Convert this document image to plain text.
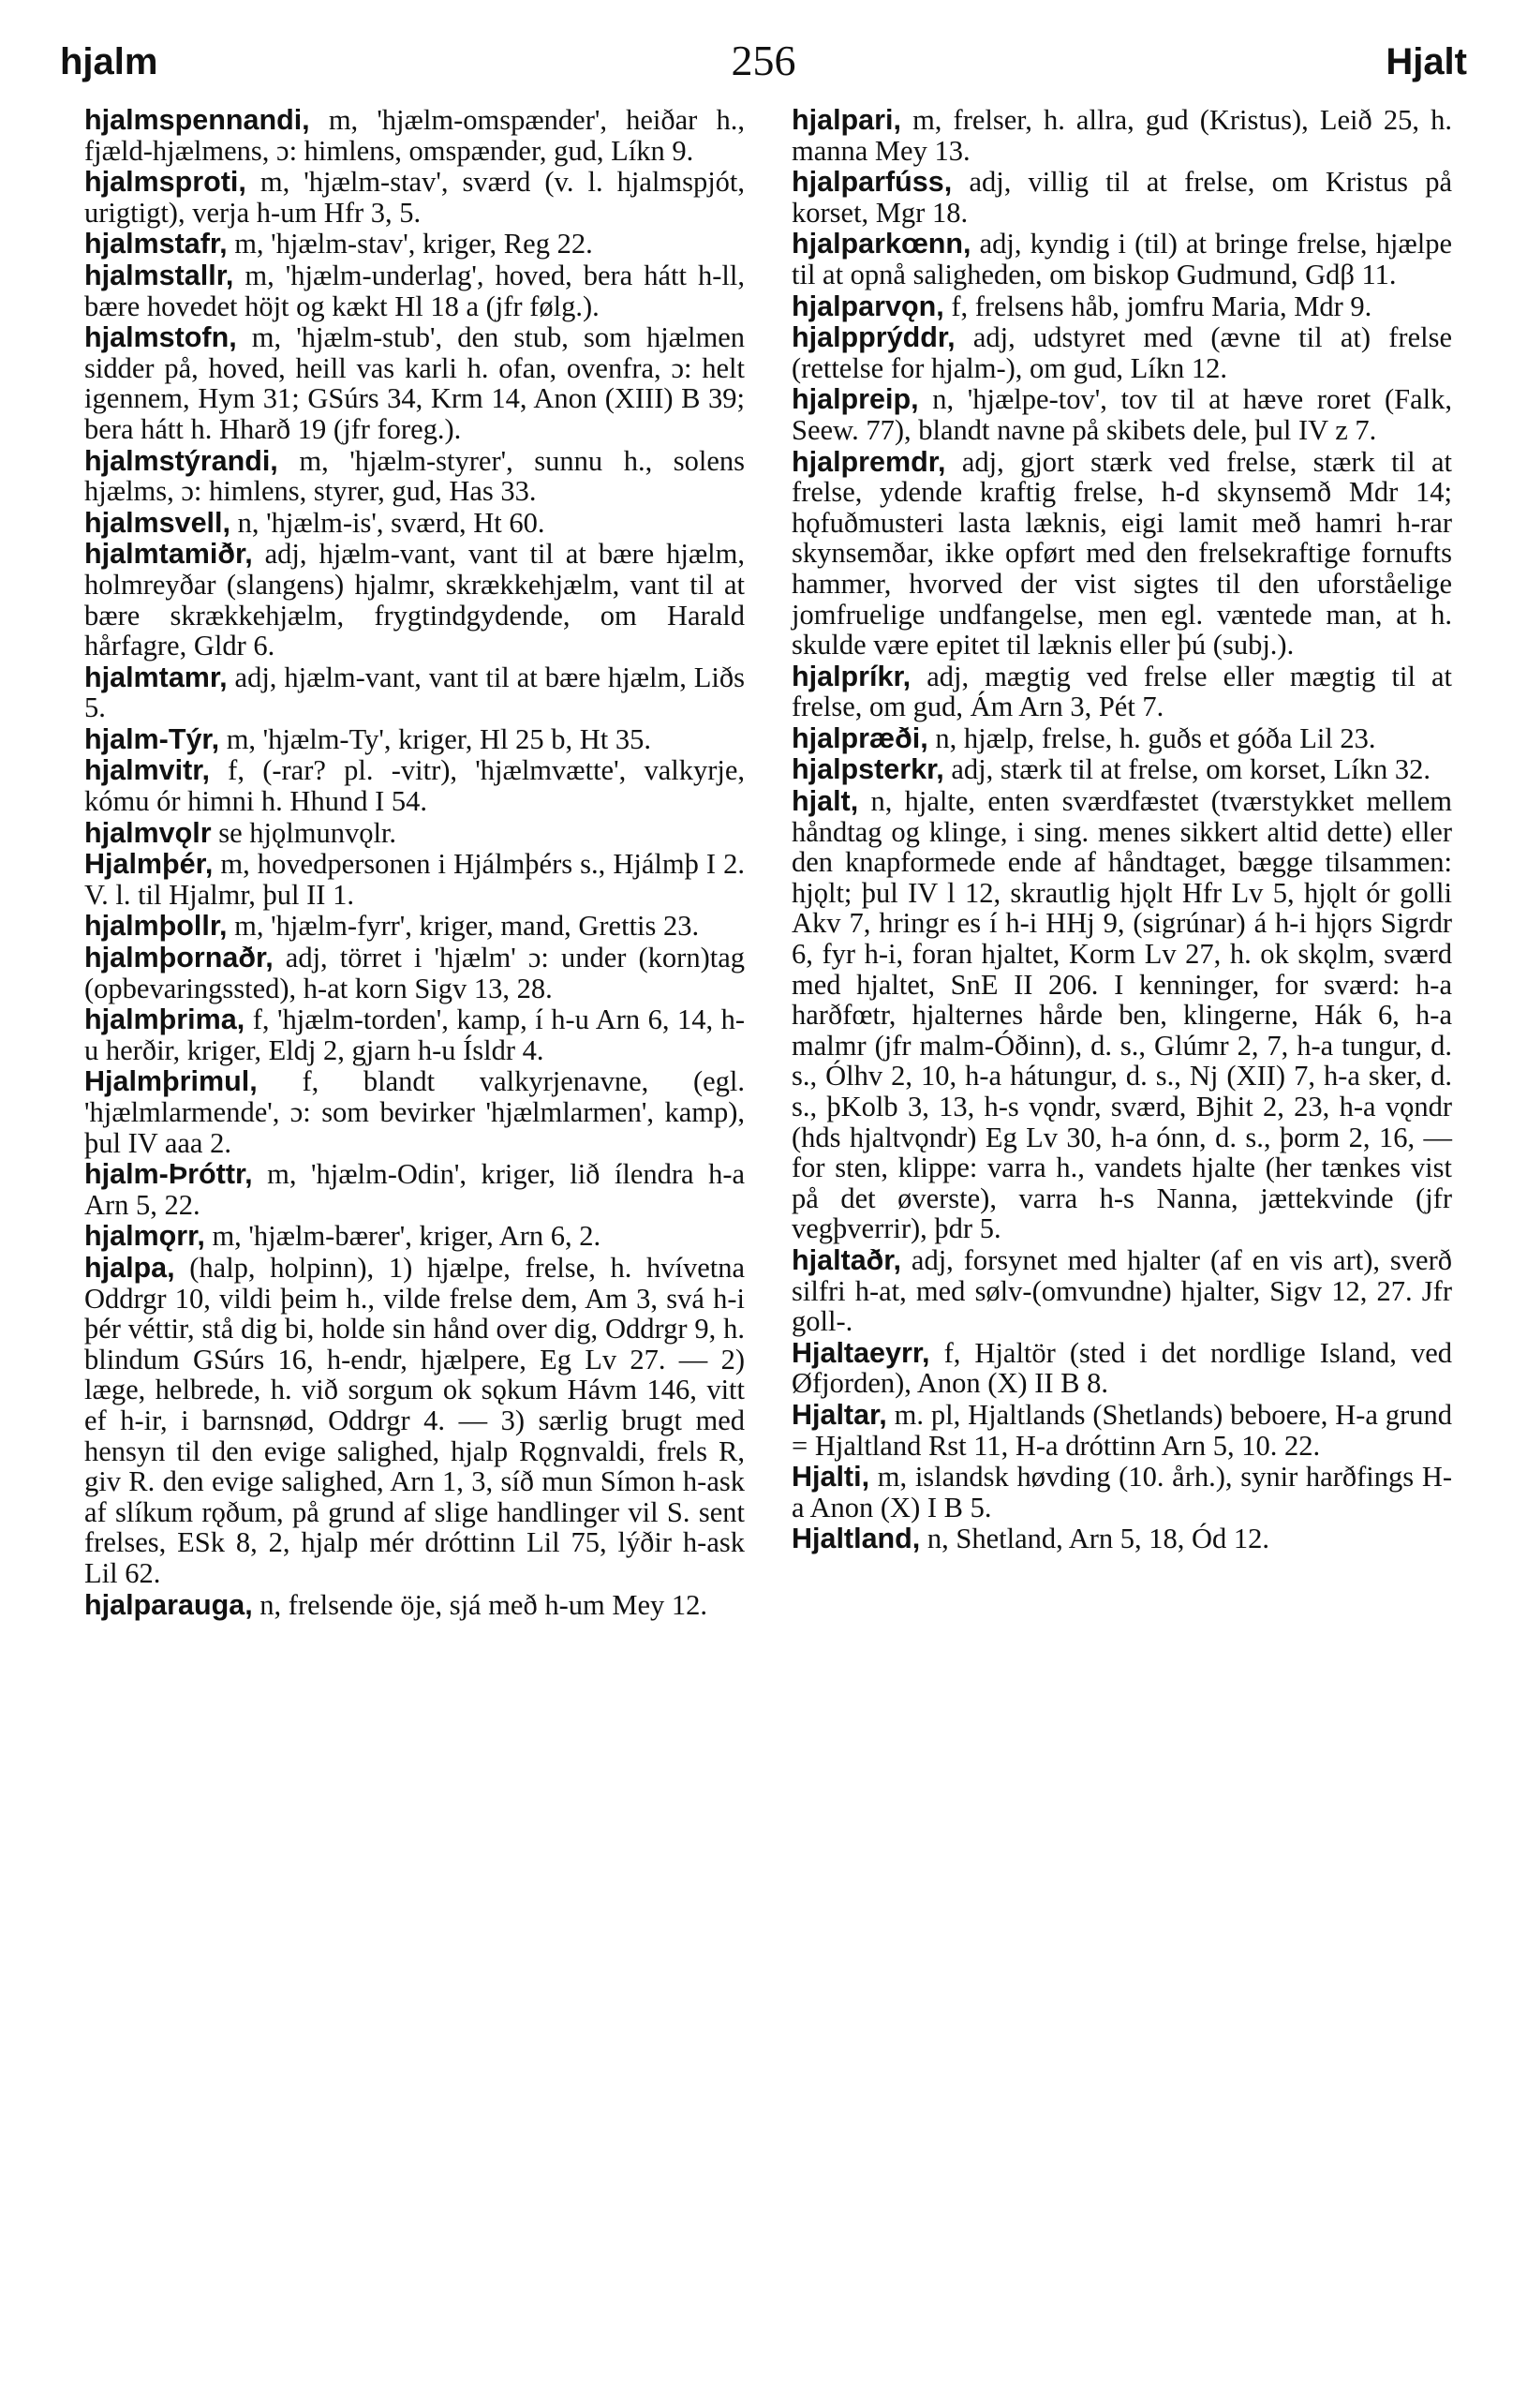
hjalm	256	Hjalt

hjalmspennandi, m, 'hjælm-omspænder', heiðar h., fjæld-hjælmens, ɔ: himlens, omspænder, gud, Líkn 9.

hjalmsproti, m, 'hjælm-stav', sværd (v. l. hjalmspjót, urigtigt), verja h-um Hfr 3, 5.

hjalmstafr, m, 'hjælm-stav', kriger, Reg 22.

hjalmstallr, m, 'hjælm-underlag', hoved, bera hátt h-ll, bære hovedet höjt og kækt Hl 18 a (jfr følg.).

hjalmstofn, m, 'hjælm-stub', den stub, som hjælmen sidder på, hoved, heill vas karli h. ofan, ovenfra, ɔ: helt igennem, Hym 31; GSúrs 34, Krm 14, Anon (XIII) B 39; bera hátt h. Hharð 19 (jfr foreg.).

hjalmstýrandi, m, 'hjælm-styrer', sunnu h., solens hjælms, ɔ: himlens, styrer, gud, Has 33.

hjalmsvell, n, 'hjælm-is', sværd, Ht 60.

hjalmtamiðr, adj, hjælm-vant, vant til at bære hjælm, holmreyðar (slangens) hjalmr, skrækkehjælm, vant til at bære skrækkehjælm, frygtindgydende, om Harald hårfagre, Gldr 6.

hjalmtamr, adj, hjælm-vant, vant til at bære hjælm, Liðs 5.

hjalm-Týr, m, 'hjælm-Ty', kriger, Hl 25 b, Ht 35.

hjalmvitr, f, (-rar? pl. -vitr), 'hjælmvætte', valkyrje, kómu ór himni h. Hhund I 54.

hjalmvǫlr se hjǫlmunvǫlr.

Hjalmþér, m, hovedpersonen i Hjálmþérs s., Hjálmþ I 2. V. l. til Hjalmr, þul II 1.

hjalmþollr, m, 'hjælm-fyrr', kriger, mand, Grettis 23.

hjalmþornaðr, adj, törret i 'hjælm' ɔ: under (korn)tag (opbevaringssted), h-at korn Sigv 13, 28.

hjalmþrima, f, 'hjælm-torden', kamp, í h-u Arn 6, 14, h-u herðir, kriger, Eldj 2, gjarn h-u Ísldr 4.

Hjalmþrimul, f, blandt valkyrjenavne, (egl. 'hjælmlarmende', ɔ: som bevirker 'hjælmlarmen', kamp), þul IV aaa 2.

hjalm-Þróttr, m, 'hjælm-Odin', kriger, lið ílendra h-a Arn 5, 22.

hjalmǫrr, m, 'hjælm-bærer', kriger, Arn 6, 2.

hjalpa, (halp, holpinn), 1) hjælpe, frelse, h. hvívetna Oddrgr 10, vildi þeim h., vilde frelse dem, Am 3, svá h-i þér véttir, stå dig bi, holde sin hånd over dig, Oddrgr 9, h. blindum GSúrs 16, h-endr, hjælpere, Eg Lv 27. — 2) læge, helbrede, h. við sorgum ok sǫkum Hávm 146, vitt ef h-ir, i barnsnød, Oddrgr 4. — 3) særlig brugt med hensyn til den evige salighed, hjalp Rǫgnvaldi, frels R, giv R. den evige salighed, Arn 1, 3, síð mun Símon h-ask af slíkum rǫðum, på grund af slige handlinger vil S. sent frelses, ESk 8, 2, hjalp mér dróttinn Lil 75, lýðir h-ask Lil 62.

hjalparauga, n, frelsende öje, sjá með h-um Mey 12.

hjalpari, m, frelser, h. allra, gud (Kristus), Leið 25, h. manna Mey 13.

hjalparfúss, adj, villig til at frelse, om Kristus på korset, Mgr 18.

hjalparkœnn, adj, kyndig i (til) at bringe frelse, hjælpe til at opnå saligheden, om biskop Gudmund, Gdβ 11.

hjalparvǫn, f, frelsens håb, jomfru Maria, Mdr 9.

hjalpprýddr, adj, udstyret med (ævne til at) frelse (rettelse for hjalm-), om gud, Líkn 12.

hjalpreip, n, 'hjælpe-tov', tov til at hæve roret (Falk, Seew. 77), blandt navne på skibets dele, þul IV z 7.

hjalpremdr, adj, gjort stærk ved frelse, stærk til at frelse, ydende kraftig frelse, h-d skynsemð Mdr 14; hǫfuðmusteri lasta læknis, eigi lamit með hamri h-rar skynsemðar, ikke opført med den frelsekraftige fornufts hammer, hvorved der vist sigtes til den uforståelige jomfruelige undfangelse, men egl. væntede man, at h. skulde være epitet til læknis eller þú (subj.).

hjalpríkr, adj, mægtig ved frelse eller mægtig til at frelse, om gud, Ám Arn 3, Pét 7.

hjalpræði, n, hjælp, frelse, h. guðs et góða Lil 23.

hjalpsterkr, adj, stærk til at frelse, om korset, Líkn 32.

hjalt, n, hjalte, enten sværdfæstet (tværstykket mellem håndtag og klinge, i sing. menes sikkert altid dette) eller den knapformede ende af håndtaget, bægge tilsammen: hjǫlt; þul IV l 12, skrautlig hjǫlt Hfr Lv 5, hjǫlt ór golli Akv 7, hringr es í h-i HHj 9, (sigrúnar) á h-i hjǫrs Sigrdr 6, fyr h-i, foran hjaltet, Korm Lv 27, h. ok skǫlm, sværd med hjaltet, SnE II 206. I kenninger, for sværd: h-a harðfœtr, hjalternes hårde ben, klingerne, Hák 6, h-a malmr (jfr malm-Óðinn), d. s., Glúmr 2, 7, h-a tungur, d. s., Ólhv 2, 10, h-a hátungur, d. s., Nj (XII) 7, h-a sker, d. s., þKolb 3, 13, h-s vǫndr, sværd, Bjhit 2, 23, h-a vǫndr (hds hjaltvǫndr) Eg Lv 30, h-a ónn, d. s., þorm 2, 16, — for sten, klippe: varra h., vandets hjalte (her tænkes vist på det øverste), varra h-s Nanna, jættekvinde (jfr vegþverrir), þdr 5.

hjaltaðr, adj, forsynet med hjalter (af en vis art), sverð silfri h-at, med sølv-(omvundne) hjalter, Sigv 12, 27. Jfr goll-.

Hjaltaeyrr, f, Hjaltör (sted i det nordlige Island, ved Øfjorden), Anon (X) II B 8.

Hjaltar, m. pl, Hjaltlands (Shetlands) beboere, H-a grund = Hjaltland Rst 11, H-a dróttinn Arn 5, 10. 22.

Hjalti, m, islandsk høvding (10. årh.), synir harðfings H-a Anon (X) I B 5.

Hjaltland, n, Shetland, Arn 5, 18, Ód 12.
